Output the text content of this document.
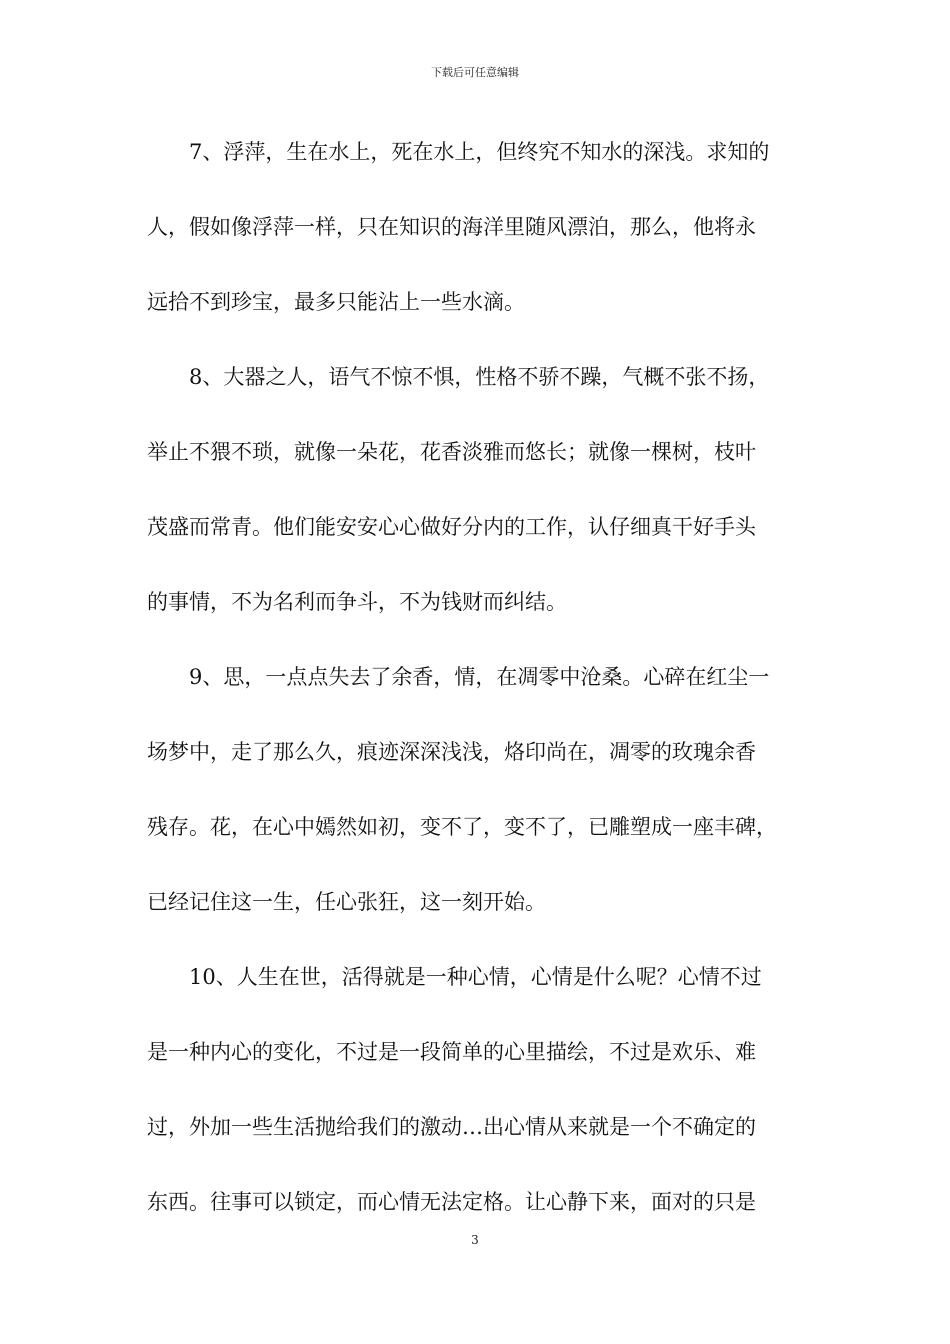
下载后可任意编辑
7、浮萍，生在水上，死在水上，但终究不知水的深浅。求知的
人，假如像浮萍一样，只在知识的海洋里随风漂泊，那么，他将永
远拾不到珍宝，最多只能沾上一些水滴。
8、大器之人，语气不惊不惧，性格不骄不躁，气概不张不扬，
举止不猥不琐，就像一朵花，花香淡雅而悠长；就像一棵树，枝叶
茂盛而常青。他们能安安心心做好分内的工作，认仔细真干好手头
的事情，不为名利而争斗，不为钱财而纠结。
9、思，一点点失去了余香，情，在凋零中沧桑。心碎在红尘一
场梦中，走了那么久，痕迹深深浅浅，烙印尚在，凋零的玫瑰余香
残存。花，在心中嫣然如初，变不了，变不了，已雕塑成一座丰碑，
已经记住这一生，任心张狂，这一刻开始。
10、人生在世，活得就是一种心情，心情是什么呢？心情不过
是一种内心的变化，不过是一段简单的心里描绘，不过是欢乐、难
过，外加一些生活抛给我们的激动…出心情从来就是一个不确定的
东西。往事可以锁定，而心情无法定格。让心静下来，面对的只是
3
